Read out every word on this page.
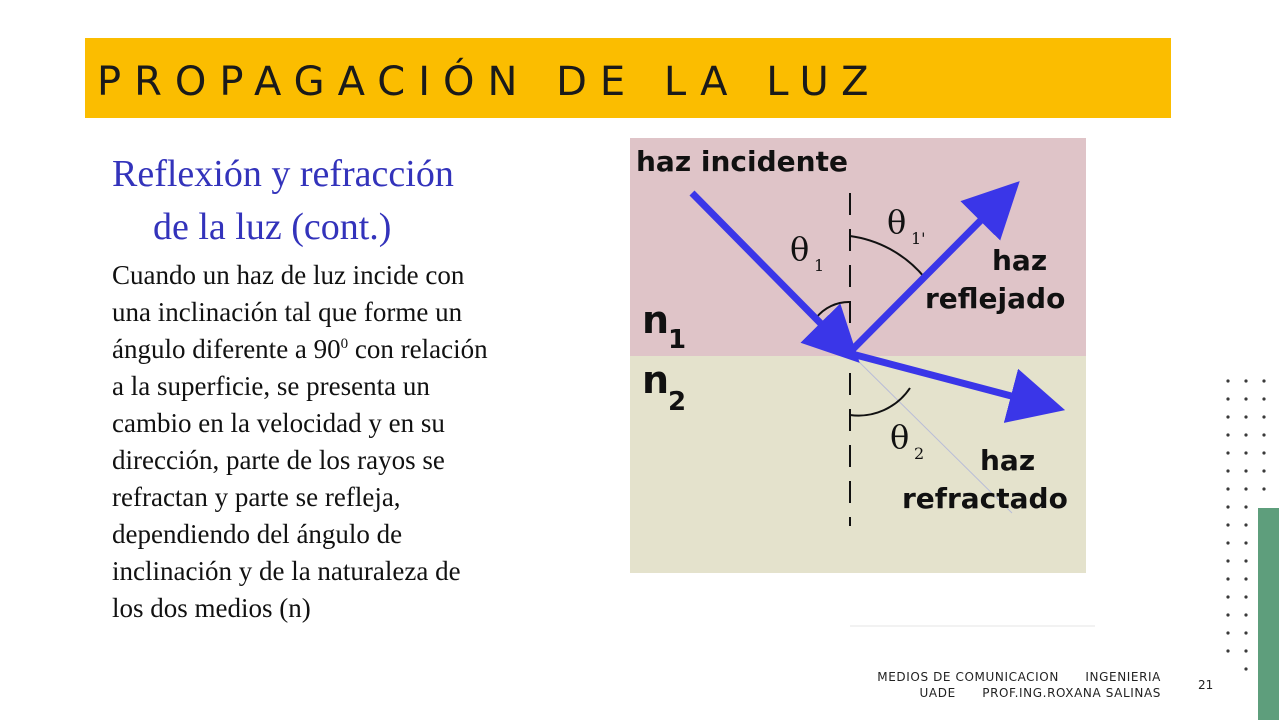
PROPAGACIÓN DE LA LUZ
Reflexión y refracción
de la luz (cont.)
Cuando un haz de luz incide con
una inclinación tal que forme un
ángulo diferente a $90^0$ con relación
a la superficie, se presenta un
cambio en la velocidad y en su
dirección, parte de los rayos se
refractan y parte se refleja,
dependiendo del ángulo de
inclinación y de la naturaleza de
los dos medios (n)
haz incidente
haz
reflejado
haz
refractado
n
1
n
2
θ 1
θ 1'
θ 2
MEDIOS DE COMUNICACION      INGENIERIA
UADE      PROF.ING.ROXANA SALINAS
21
